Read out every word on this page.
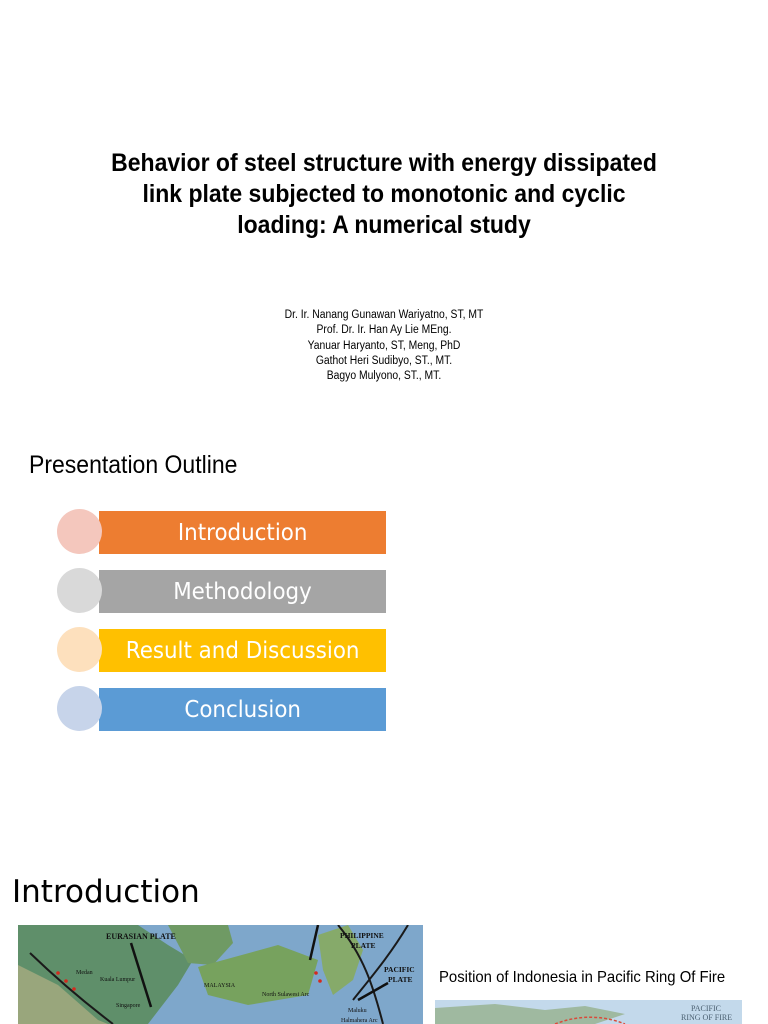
Behavior of steel structure with energy dissipated
link plate subjected to monotonic and cyclic
loading: A numerical study
Dr. Ir. Nanang Gunawan Wariyatno, ST, MT
Prof. Dr. Ir. Han Ay Lie MEng.
Yanuar Haryanto, ST, Meng, PhD
Gathot Heri Sudibyo, ST., MT.
Bagyo Mulyono, ST., MT.
Presentation Outline
Introduction
Methodology
Result and Discussion
Conclusion
Introduction
EURASIAN PLATE	PHILIPPINE
PLATE
PACIFIC
PLATE
Medan
Kuala Lumpur
Singapore
MALAYSIA
North Sulawesi Arc
Maluku
Halmahera Arc
Position of Indonesia in Pacific Ring Of Fire
PACIFIC
RING OF FIRE
